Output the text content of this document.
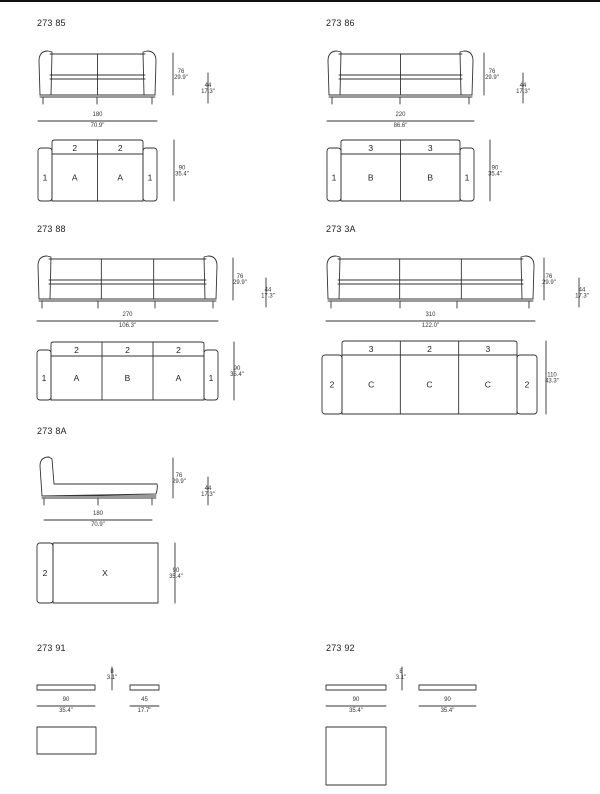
273 85	273 86
273 88	273 3A
273 8A
273 91	273 92
76
29.9"
44
17.3"
180
70.9"
2	2
A	A
1	1
90
35.4"
76
29.9"
44
17.3"
220
86.6"
3	3
B	B
1	1
90
35.4"
76
29.9"
44
17.3"
270
106.3"
2	2	2
A	B	A
1	1
90
35.4"
76
29.9"
44
17.3"
310
122.0"
3	2	3
C	C	C
2	2
110
43.3"
76
29.9"
44
17.3"
180
70.9"
2	X	90
35.4"
8
3.1"
90
35.4"
45
17.7"
8
3.1"
90
35.4"
90
35.4"
